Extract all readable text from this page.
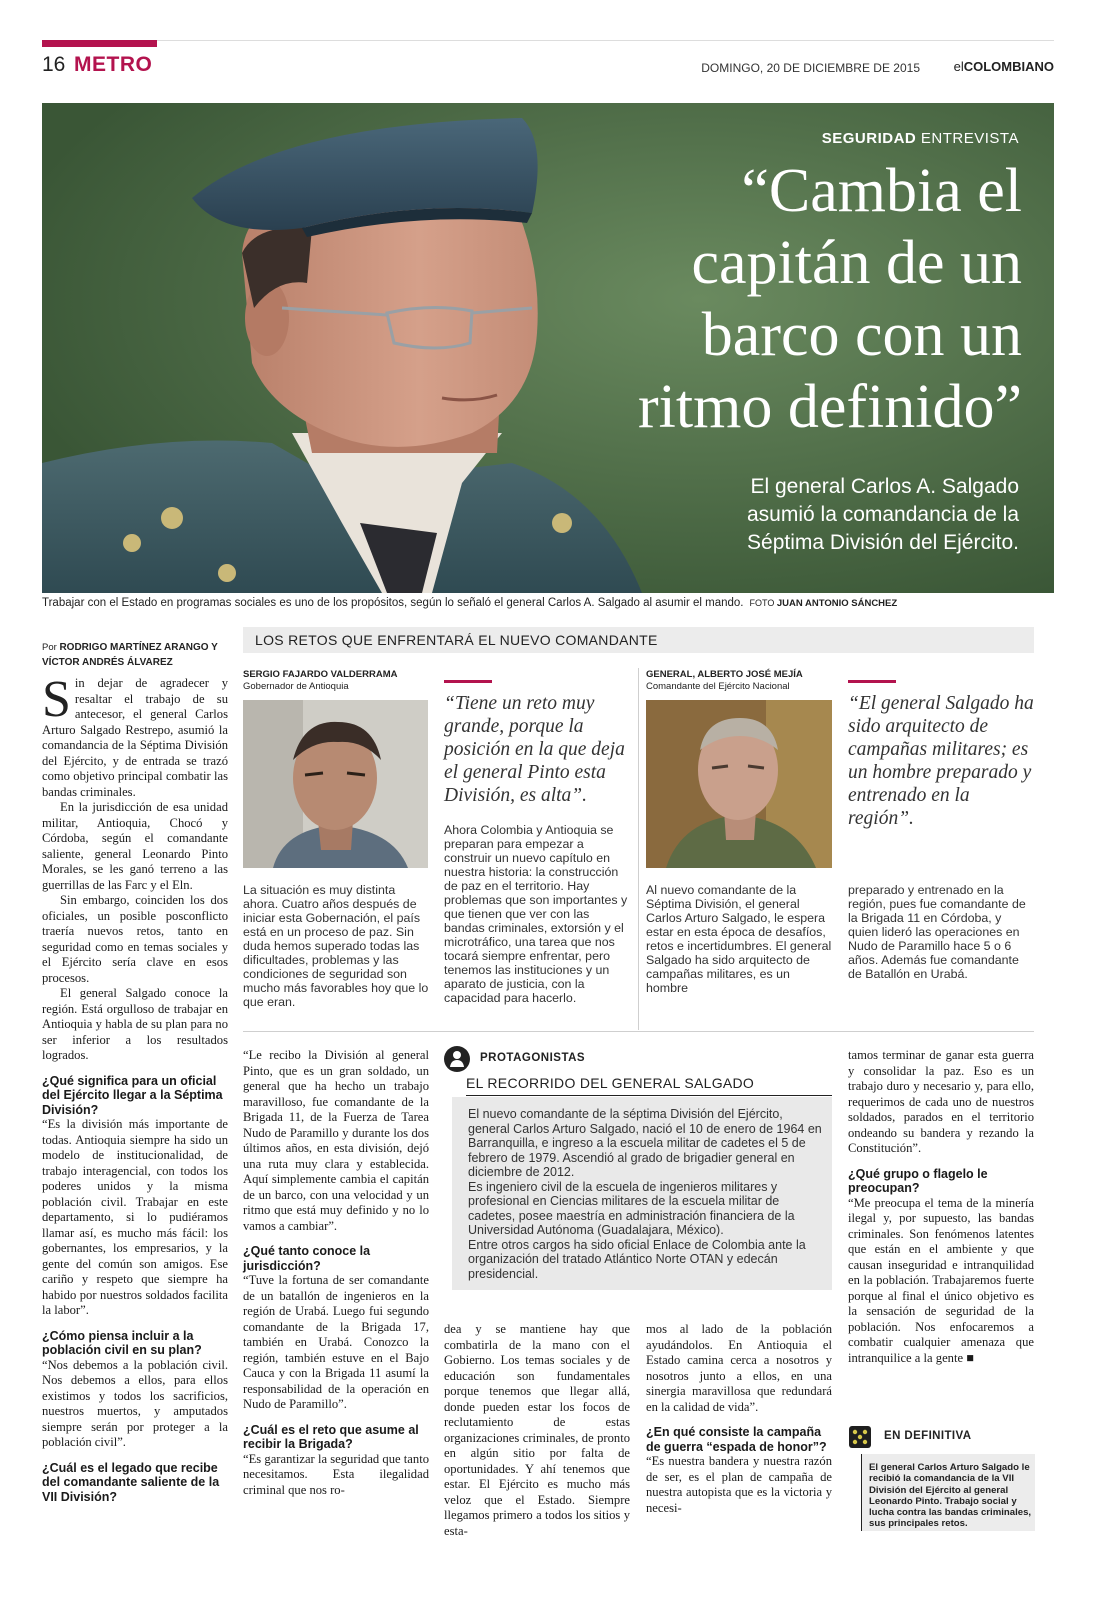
16 METRO	DOMINGO, 20 DE DICIEMBRE DE 2015	elCOLOMBIANO
SEGURIDAD ENTREVISTA
“Cambia el capitán de un barco con un ritmo definido”
El general Carlos A. Salgado asumió la comandancia de la Séptima División del Ejército.
Trabajar con el Estado en programas sociales es uno de los propósitos, según lo señaló el general Carlos A. Salgado al asumir el mando. FOTO JUAN ANTONIO SÁNCHEZ
Por RODRIGO MARTÍNEZ ARANGO Y
VÍCTOR ANDRÉS ÁLVAREZ

Sin dejar de agradecer y resaltar el trabajo de su antecesor, el general Carlos Arturo Salgado Restrepo, asumió la comandancia de la Séptima División del Ejército, y de entrada se trazó como objetivo principal combatir las bandas criminales.

En la jurisdicción de esa unidad militar, Antioquia, Chocó y Córdoba, según el comandante saliente, general Leonardo Pinto Morales, se les ganó terreno a las guerrillas de las Farc y el Eln.

Sin embargo, coinciden los dos oficiales, un posible posconflicto traería nuevos retos, tanto en seguridad como en temas sociales y el Ejército sería clave en esos procesos.

El general Salgado conoce la región. Está orgulloso de trabajar en Antioquia y habla de su plan para no ser inferior a los resultados logrados.

¿Qué significa para un oficial del Ejército llegar a la Séptima División?

“Es la división más importante de todas. Antioquia siempre ha sido un modelo de institucionalidad, de trabajo interagencial, con todos los poderes unidos y la misma población civil. Trabajar en este departamento, si lo pudiéramos llamar así, es mucho más fácil: los gobernantes, los empresarios, y la gente del común son amigos. Ese cariño y respeto que siempre ha habido por nuestros soldados facilita la labor”.

¿Cómo piensa incluir a la población civil en su plan?

“Nos debemos a la población civil. Nos debemos a ellos, para ellos existimos y todos los sacrificios, nuestros muertos, y amputados siempre serán por proteger a la población civil”.

¿Cuál es el legado que recibe del comandante saliente de la VII División?

“Le recibo la División al general Pinto, que es un gran soldado, un general que ha hecho un trabajo maravilloso, fue comandante de la Brigada 11, de la Fuerza de Tarea Nudo de Paramillo y durante los dos últimos años, en esta división, dejó una ruta muy clara y establecida. Aquí simplemente cambia el capitán de un barco, con una velocidad y un ritmo que está muy definido y no lo vamos a cambiar”.

¿Qué tanto conoce la jurisdicción?

“Tuve la fortuna de ser comandante de un batallón de ingenieros en la región de Urabá. Luego fui segundo comandante de la Brigada 17, también en Urabá. Conozco la región, también estuve en el Bajo Cauca y con la Brigada 11 asumí la responsabilidad de la operación en Nudo de Paramillo”.

¿Cuál es el reto que asume al recibir la Brigada?

“Es garantizar la seguridad que tanto necesitamos. Esta ilegalidad criminal que nos ro-

dea y se mantiene hay que combatirla de la mano con el Gobierno. Los temas sociales y de educación son fundamentales porque tenemos que llegar allá, donde pueden estar los focos de reclutamiento de estas organizaciones criminales, de pronto en algún sitio por falta de oportunidades. Y ahí tenemos que estar. El Ejército es mucho más veloz que el Estado. Siempre llegamos primero a todos los sitios y esta-

mos al lado de la población ayudándolos. En Antioquia el Estado camina cerca a nosotros y nosotros junto a ellos, en una sinergia maravillosa que redundará en la calidad de vida”.

¿En qué consiste la campaña de guerra “espada de honor”?

“Es nuestra bandera y nuestra razón de ser, es el plan de campaña de nuestra autopista que es la victoria y necesi-

tamos terminar de ganar esta guerra y consolidar la paz. Eso es un trabajo duro y necesario y, para ello, requerimos de cada uno de nuestros soldados, parados en el territorio ondeando su bandera y rezando la Constitución”.

¿Qué grupo o flagelo le preocupan?

“Me preocupa el tema de la minería ilegal y, por supuesto, las bandas criminales. Son fenómenos latentes que están en el ambiente y que causan inseguridad e intranquilidad en la población. Trabajaremos fuerte porque al final el único objetivo es la sensación de seguridad de la población. Nos enfocaremos a combatir cualquier amenaza que intranquilice a la gente ■

LOS RETOS QUE ENFRENTARÁ EL NUEVO COMANDANTE
SERGIO FAJARDO VALDERRAMA
Gobernador de Antioquia
La situación es muy distinta ahora. Cuatro años después de iniciar esta Gobernación, el país está en un proceso de paz. Sin duda hemos superado todas las dificultades, problemas y las condiciones de seguridad son mucho más favorables hoy que lo que eran.
“Tiene un reto muy grande, porque la posición en la que deja el general Pinto esta División, es alta”.
Ahora Colombia y Antioquia se preparan para empezar a construir un nuevo capítulo en nuestra historia: la construcción de paz en el territorio. Hay problemas que son importantes y que tienen que ver con las bandas criminales, extorsión y el microtráfico, una tarea que nos tocará siempre enfrentar, pero tenemos las instituciones y un aparato de justicia, con la capacidad para hacerlo.
GENERAL, ALBERTO JOSÉ MEJÍA
Comandante del Ejército Nacional
Al nuevo comandante de la Séptima División, el general Carlos Arturo Salgado, le espera estar en esta época de desafíos, retos e incertidumbres. El general Salgado ha sido arquitecto de campañas militares, es un hombre
“El general Salgado ha sido arquitecto de campañas militares; es un hombre preparado y entrenado en la región”.
preparado y entrenado en la región, pues fue comandante de la Brigada 11 en Córdoba, y quien lideró las operaciones en Nudo de Paramillo hace 5 o 6 años. Además fue comandante de Batallón en Urabá.
PROTAGONISTAS
EL RECORRIDO DEL GENERAL SALGADO

El nuevo comandante de la séptima División del Ejército, general Carlos Arturo Salgado, nació el 10 de enero de 1964 en Barranquilla, e ingreso a la escuela militar de cadetes el 5 de febrero de 1979. Ascendió al grado de brigadier general en diciembre de 2012.

Es ingeniero civil de la escuela de ingenieros militares y profesional en Ciencias militares de la escuela militar de cadetes, posee maestría en administración financiera de la Universidad Autónoma (Guadalajara, México).

Entre otros cargos ha sido oficial Enlace de Colombia ante la organización del tratado Atlántico Norte OTAN y edecán presidencial.

EN DEFINITIVA
El general Carlos Arturo Salgado le recibió la comandancia de la VII División del Ejército al general Leonardo Pinto. Trabajo social y lucha contra las bandas criminales, sus principales retos.
